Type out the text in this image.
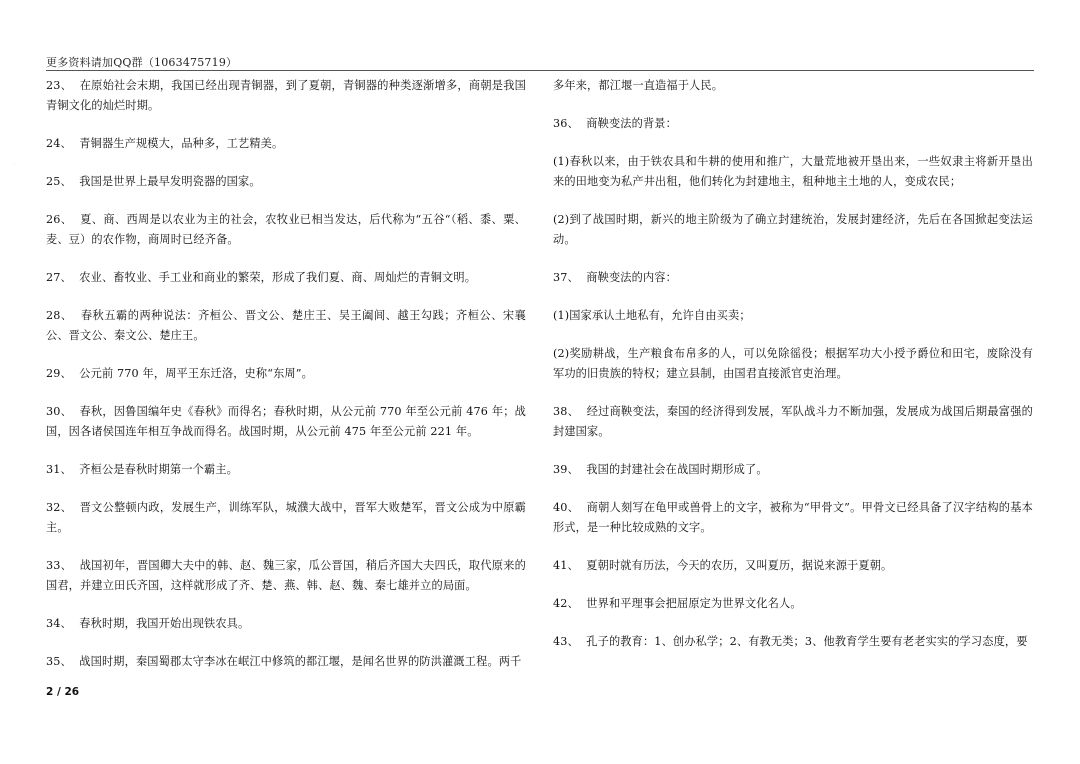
·
更多资料请加QQ群（1063475719）

23、  在原始社会末期，我国已经出现青铜器，到了夏朝，青铜器的种类逐渐增多，商朝是我国青铜文化的灿烂时期。

24、  青铜器生产规模大，品种多，工艺精美。

25、  我国是世界上最早发明瓷器的国家。

26、  夏、商、西周是以农业为主的社会，农牧业已相当发达，后代称为“五谷“（稻、黍、粟、麦、豆）的农作物，商周时已经齐备。

27、  农业、畜牧业、手工业和商业的繁荣，形成了我们夏、商、周灿烂的青铜文明。

28、  春秋五霸的两种说法：齐桓公、晋文公、楚庄王、吴王阖闾、越王勾践；齐桓公、宋襄公、晋文公、秦文公、楚庄王。

29、  公元前 770 年，周平王东迁洛，史称“东周”。

30、  春秋，因鲁国编年史《春秋》而得名；春秋时期，从公元前 770 年至公元前 476 年；战国，因各诸侯国连年相互争战而得名。战国时期，从公元前 475 年至公元前 221 年。

31、  齐桓公是春秋时期第一个霸主。

32、  晋文公整顿内政，发展生产，训练军队，城濮大战中，晋军大败楚军，晋文公成为中原霸主。

33、  战国初年，晋国卿大夫中的韩、赵、魏三家，瓜公晋国，稍后齐国大夫四氏，取代原来的国君，并建立田氏齐国，这样就形成了齐、楚、燕、韩、赵、魏、秦七雄并立的局面。

34、  春秋时期，我国开始出现铁农具。

35、  战国时期，秦国蜀郡太守李冰在岷江中修筑的都江堰，是闻名世界的防洪灌溉工程。两千

多年来，都江堰一直造福于人民。

36、  商鞅变法的背景：

(1)春秋以来，由于铁农具和牛耕的使用和推广，大量荒地被开垦出来，一些奴隶主将新开垦出来的田地变为私产井出租，他们转化为封建地主，租种地主土地的人，变成农民；

(2)到了战国时期，新兴的地主阶级为了确立封建统治，发展封建经济，先后在各国掀起变法运动。

37、  商鞅变法的内容：

(1)国家承认土地私有，允许自由买卖；

(2)奖励耕战，生产粮食布帛多的人，可以免除徭役；根据军功大小授予爵位和田宅，废除没有军功的旧贵族的特权；建立县制，由国君直接派官吏治理。

38、  经过商鞅变法，秦国的经济得到发展，军队战斗力不断加强，发展成为战国后期最富强的封建国家。

39、  我国的封建社会在战国时期形成了。

40、  商朝人刻写在龟甲或兽骨上的文字，被称为“甲骨文”。甲骨文已经具备了汉字结构的基本形式，是一种比较成熟的文字。

41、  夏朝时就有历法，今天的农历，又叫夏历，据说来源于夏朝。

42、  世界和平理事会把屈原定为世界文化名人。

43、  孔子的教育：1、创办私学；2、有教无类；3、他教育学生要有老老实实的学习态度，要

2 / 26
